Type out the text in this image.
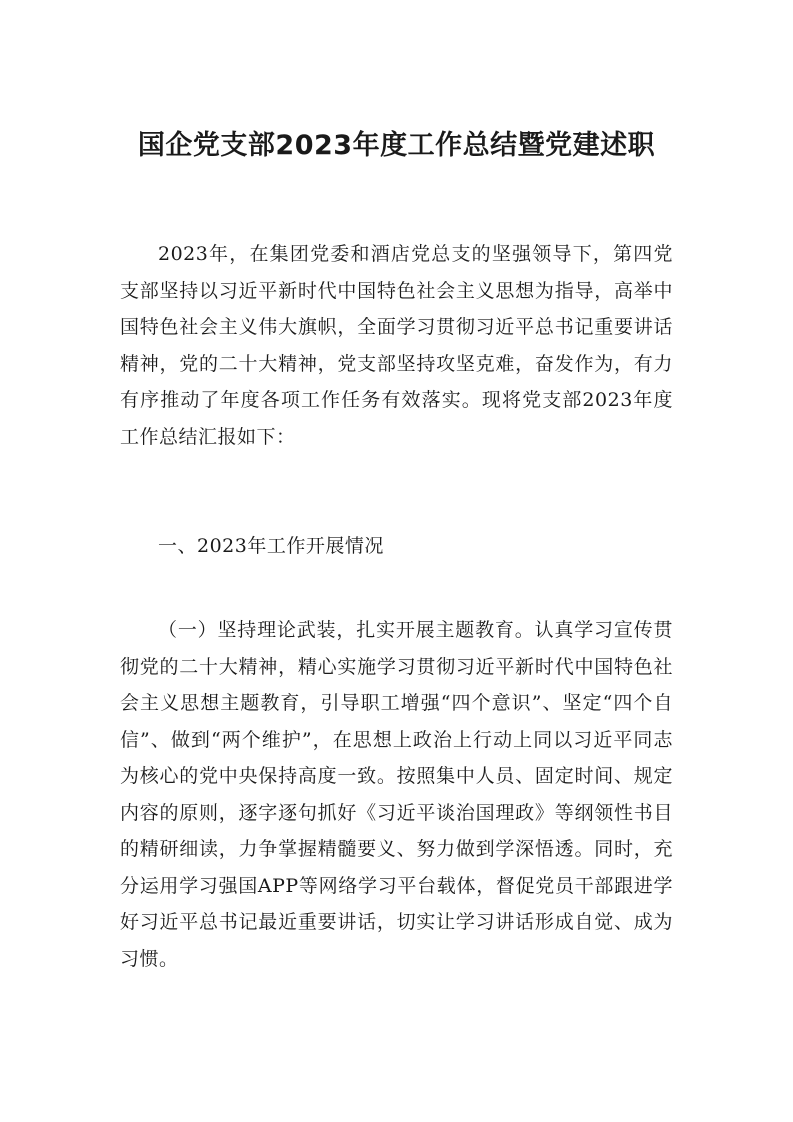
国企党支部2023年度工作总结暨党建述职

2023年，在集团党委和酒店党总支的坚强领导下，第四党支部坚持以习近平新时代中国特色社会主义思想为指导，高举中国特色社会主义伟大旗帜，全面学习贯彻习近平总书记重要讲话精神，党的二十大精神，党支部坚持攻坚克难，奋发作为，有力有序推动了年度各项工作任务有效落实。现将党支部2023年度工作总结汇报如下：

一、2023年工作开展情况

（一）坚持理论武装，扎实开展主题教育。认真学习宣传贯彻党的二十大精神，精心实施学习贯彻习近平新时代中国特色社会主义思想主题教育，引导职工增强“四个意识”、坚定“四个自信”、做到“两个维护”，在思想上政治上行动上同以习近平同志为核心的党中央保持高度一致。按照集中人员、固定时间、规定内容的原则，逐字逐句抓好《习近平谈治国理政》等纲领性书目的精研细读，力争掌握精髓要义、努力做到学深悟透。同时，充分运用学习强国APP等网络学习平台载体，督促党员干部跟进学好习近平总书记最近重要讲话，切实让学习讲话形成自觉、成为习惯。
